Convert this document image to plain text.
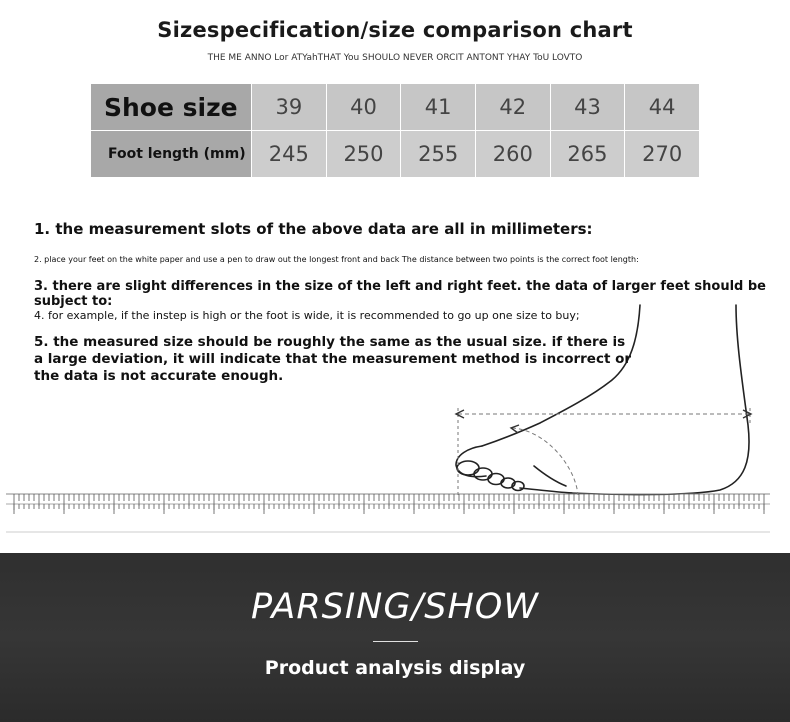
Sizespecification/size comparison chart
THE ME ANNO Lor ATYahTHAT You SHOULO NEVER ORCIT ANTONT YHAY ToU LOVTO
Shoe size	39	40	41	42	43	44
Foot length (mm)	245	250	255	260	265	270
1. the measurement slots of the above data are all in millimeters:
2. place your feet on the white paper and use a pen to draw out the longest front and back The distance between two points is the correct foot length:
3. there are slight differences in the size of the left and right feet. the data of larger feet should be subject to:
4. for example, if the instep is high or the foot is wide, it is recommended to go up one size to buy;
5. the measured size should be roughly the same as the usual size. if there is a large deviation, it will indicate that the measurement method is incorrect or the data is not accurate enough.
PARSING/SHOW
Product analysis display
